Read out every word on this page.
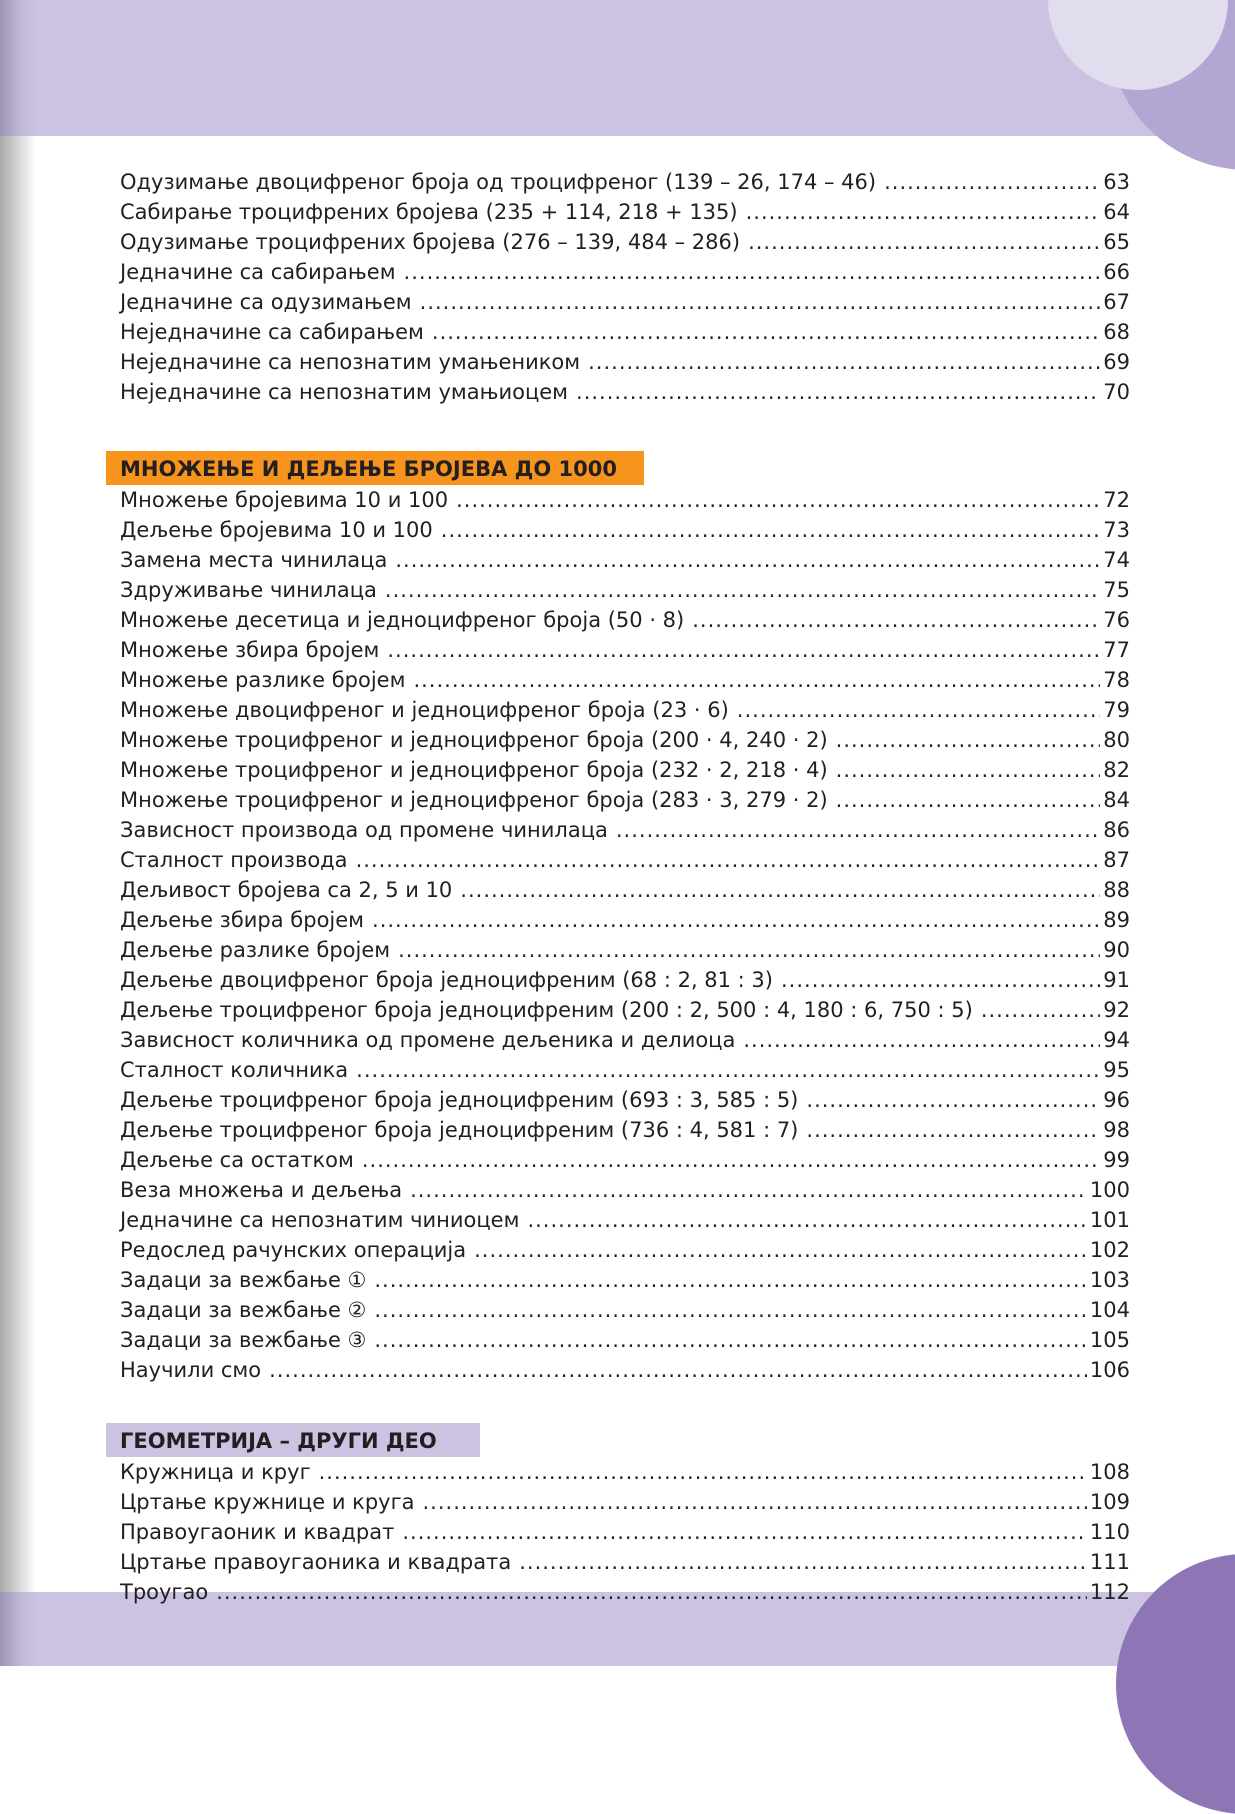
Одузимање двоцифреног броја од троцифреног (139 – 26, 174 – 46) .....	63
Сабирање троцифрених бројева (235 + 114, 218 + 135) .....	64
Одузимање троцифрених бројева (276 – 139, 484 – 286) .....	65
Једначине са сабирањем .....	66
Једначине са одузимањем .....	67
Неједначине са сабирањем .....	68
Неједначине са непознатим умањеником .....	69
Неједначине са непознатим умањиоцем .....	70
МНОЖЕЊЕ И ДЕЉЕЊЕ БРОЈЕВА ДО 1000
Множење бројевима 10 и 100 .....	72
Дељење бројевима 10 и 100 .....	73
Замена места чинилаца .....	74
Здруживање чинилаца .....	75
Множење десетица и једноцифреног броја (50 · 8) .....	76
Множење збира бројем .....	77
Множење разлике бројем .....	78
Множење двоцифреног и једноцифреног броја (23 · 6) .....	79
Множење троцифреног и једноцифреног броја (200 · 4, 240 · 2) .....	80
Множење троцифреног и једноцифреног броја (232 · 2, 218 · 4) .....	82
Множење троцифреног и једноцифреног броја (283 · 3, 279 · 2) .....	84
Зависност производа од промене чинилаца .....	86
Сталност производа .....	87
Дељивост бројева са 2, 5 и 10 .....	88
Дељење збира бројем .....	89
Дељење разлике бројем .....	90
Дељење двоцифреног броја једноцифреним (68 : 2, 81 : 3) .....	91
Дељење троцифреног броја једноцифреним (200 : 2, 500 : 4, 180 : 6, 750 : 5) .....	92
Зависност количника од промене дељеника и делиоца .....	94
Сталност количника .....	95
Дељење троцифреног броја једноцифреним (693 : 3, 585 : 5) .....	96
Дељење троцифреног броја једноцифреним (736 : 4, 581 : 7) .....	98
Дељење са остатком .....	99
Веза множења и дељења .....	100
Једначине са непознатим чиниоцем .....	101
Редослед рачунских операција .....	102
Задаци за вежбање ① .....	103
Задаци за вежбање ② .....	104
Задаци за вежбање ③ .....	105
Научили смо .....	106
ГЕОМЕТРИЈА – ДРУГИ ДЕО
Кружница и круг .....	108
Цртање кружнице и круга .....	109
Правоугаоник и квадрат .....	110
Цртање правоугаоника и квадрата .....	111
Троугао .....	112
